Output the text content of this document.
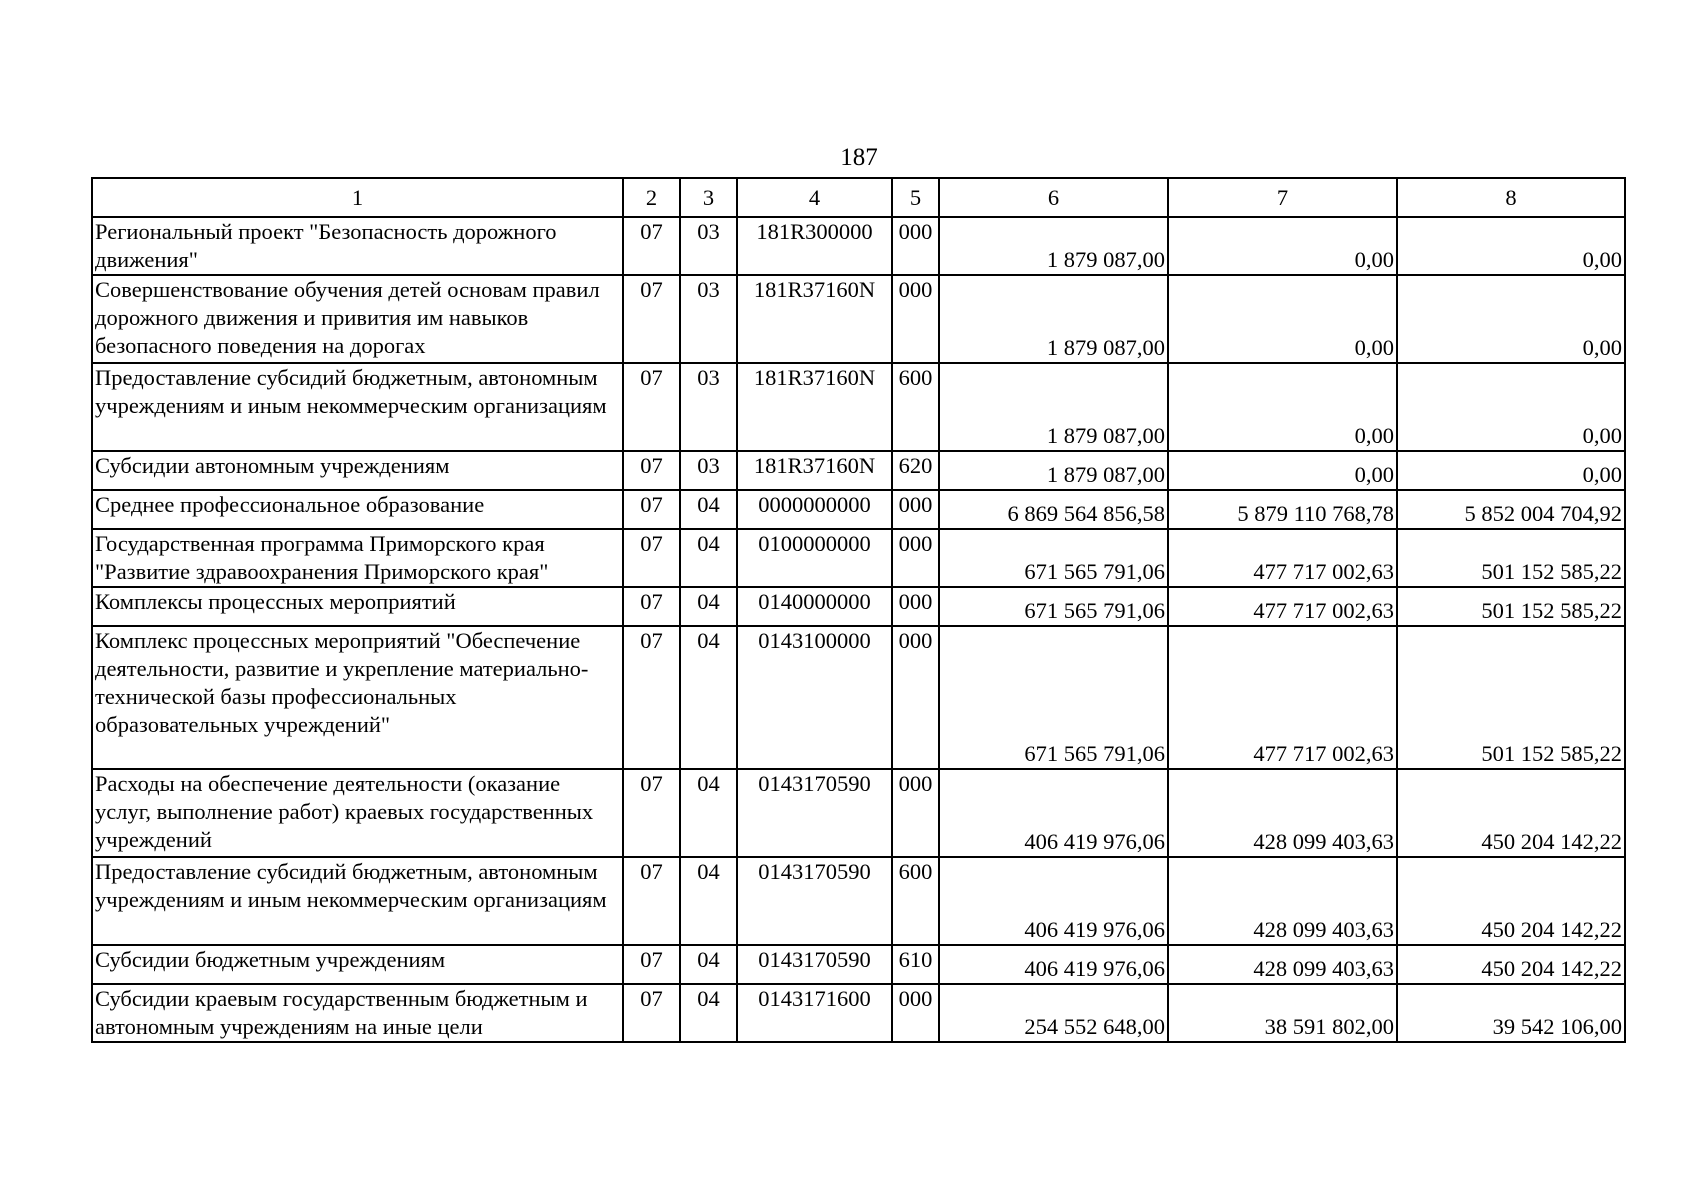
187
1	2	3	4	5	6	7	8
Региональный проект "Безопасность дорожного движения"	07	03	181R300000	000	1 879 087,00	0,00	0,00
Совершенствование обучения детей основам правил дорожного движения и привития им навыков безопасного поведения на дорогах	07	03	181R37160N	000	1 879 087,00	0,00	0,00
Предоставление субсидий бюджетным, автономным учреждениям и иным некоммерческим организациям	07	03	181R37160N	600	1 879 087,00	0,00	0,00
Субсидии автономным учреждениям	07	03	181R37160N	620	1 879 087,00	0,00	0,00
Среднее профессиональное образование	07	04	0000000000	000	6 869 564 856,58	5 879 110 768,78	5 852 004 704,92
Государственная программа Приморского края "Развитие здравоохранения Приморского края"	07	04	0100000000	000	671 565 791,06	477 717 002,63	501 152 585,22
Комплексы процессных мероприятий	07	04	0140000000	000	671 565 791,06	477 717 002,63	501 152 585,22
Комплекс процессных мероприятий "Обеспечение деятельности, развитие и укрепление материально-технической базы профессиональных образовательных учреждений"	07	04	0143100000	000	671 565 791,06	477 717 002,63	501 152 585,22
Расходы на обеспечение деятельности (оказание услуг, выполнение работ) краевых государственных учреждений	07	04	0143170590	000	406 419 976,06	428 099 403,63	450 204 142,22
Предоставление субсидий бюджетным, автономным учреждениям и иным некоммерческим организациям	07	04	0143170590	600	406 419 976,06	428 099 403,63	450 204 142,22
Субсидии бюджетным учреждениям	07	04	0143170590	610	406 419 976,06	428 099 403,63	450 204 142,22
Субсидии краевым государственным бюджетным и автономным учреждениям на иные цели	07	04	0143171600	000	254 552 648,00	38 591 802,00	39 542 106,00
